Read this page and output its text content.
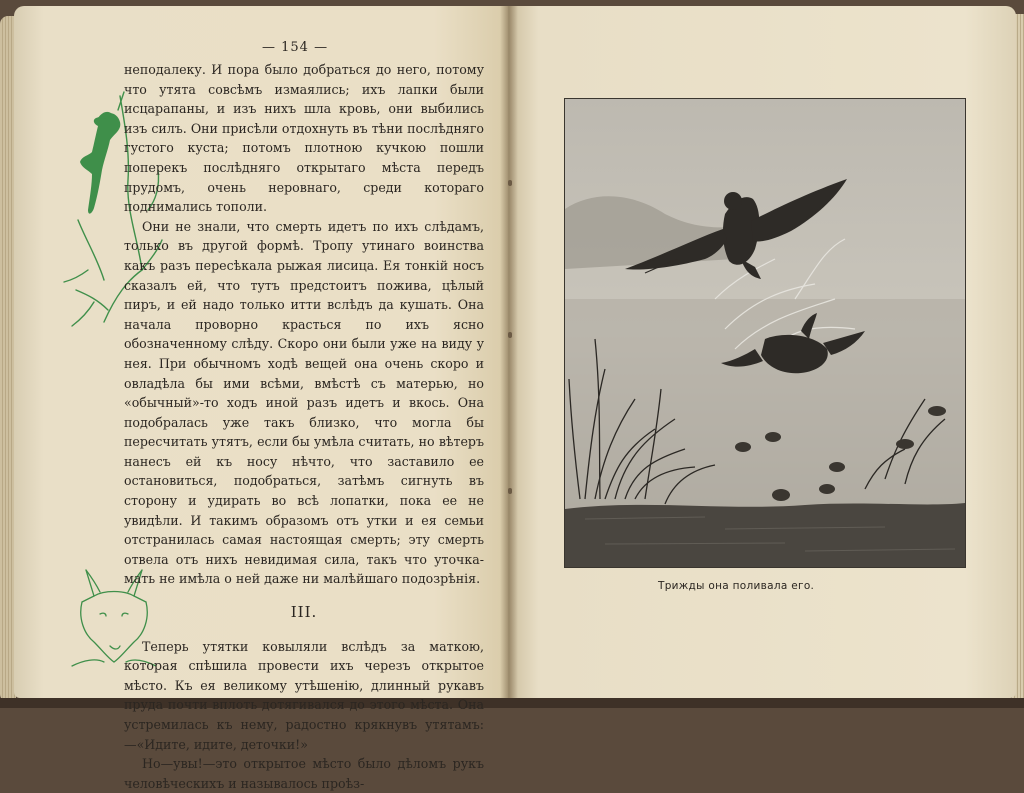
— 154 —

неподалеку. И пора было добраться до него, потому что утята совсѣмъ измаялись; ихъ лапки были исцарапаны, и изъ нихъ шла кровь, они выбились изъ силъ. Они присѣли отдохнуть въ тѣни послѣдняго густого куста; потомъ плотною кучкою пошли поперекъ послѣдняго открытаго мѣста передъ прудомъ, очень неровнаго, среди котораго поднимались тополи.

Они не знали, что смерть идетъ по ихъ слѣдамъ, только въ другой формѣ. Тропу утинаго воинства какъ разъ пересѣкала рыжая лисица. Ея тонкій носъ сказалъ ей, что тутъ предстоитъ пожива, цѣлый пиръ, и ей надо только итти вслѣдъ да кушать. Она начала проворно красться по ихъ ясно обозначенному слѣду. Скоро они были уже на виду у нея. При обычномъ ходѣ вещей она очень скоро и овладѣла бы ими всѣми, вмѣстѣ съ матерью, но «обычный»-то ходъ иной разъ идетъ и вкось. Она подобралась уже такъ близко, что могла бы пересчитать утятъ, если бы умѣла считать, но вѣтеръ нанесъ ей къ носу нѣчто, что заставило ее остановиться, подобраться, затѣмъ сигнуть въ сторону и удирать во всѣ лопатки, пока ее не увидѣли. И такимъ образомъ отъ утки и ея семьи отстранилась самая настоящая смерть; эту смерть отвела отъ нихъ невидимая сила, такъ что уточка-мать не имѣла о ней даже ни малѣйшаго подозрѣнія.

III.

Теперь утятки ковыляли вслѣдъ за маткою, которая спѣшила провести ихъ черезъ открытое мѣсто. Къ ея великому утѣшенію, длинный рукавъ пруда почти вплоть дотягивался до этого мѣста. Она устремилась къ нему, радостно крякнувъ утятамъ:—«Идите, идите, деточки!»

Но—увы!—это открытое мѣсто было дѣломъ рукъ человѣческихъ и называлось проѣз-

Трижды она поливала его.
